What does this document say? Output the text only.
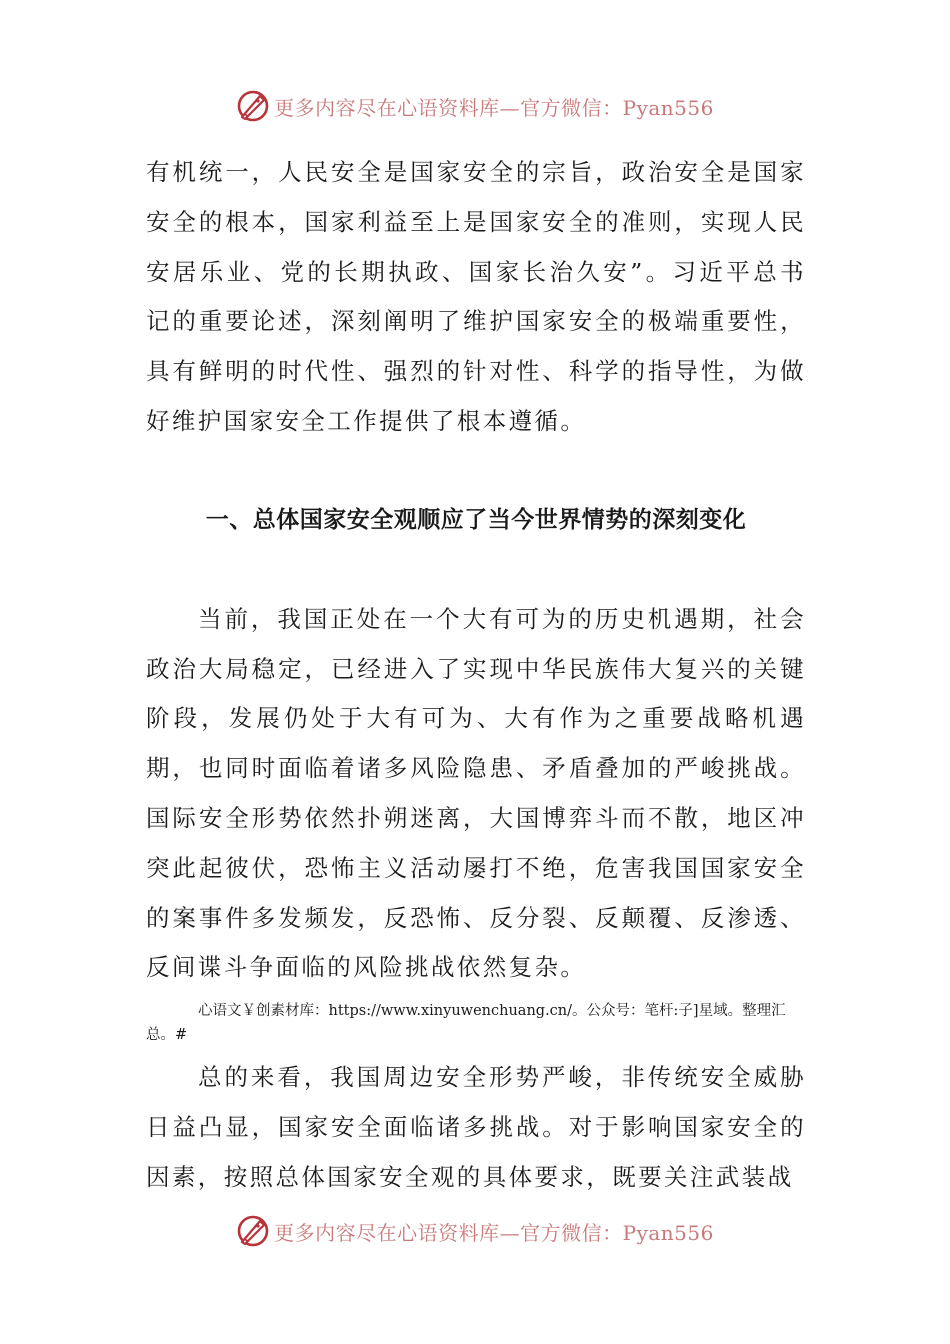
更多内容尽在心语资料库—官方微信：Pyan556

有机统一，人民安全是国家安全的宗旨，政治安全是国家安全的根本，国家利益至上是国家安全的准则，实现人民安居乐业、党的长期执政、国家长治久安”。习近平总书记的重要论述，深刻阐明了维护国家安全的极端重要性，具有鲜明的时代性、强烈的针对性、科学的指导性，为做好维护国家安全工作提供了根本遵循。

一、总体国家安全观顺应了当今世界情势的深刻变化

当前，我国正处在一个大有可为的历史机遇期，社会政治大局稳定，已经进入了实现中华民族伟大复兴的关键阶段，发展仍处于大有可为、大有作为之重要战略机遇期，也同时面临着诸多风险隐患、矛盾叠加的严峻挑战。国际安全形势依然扑朔迷离，大国博弈斗而不散，地区冲突此起彼伏，恐怖主义活动屡打不绝，危害我国国家安全的案事件多发频发，反恐怖、反分裂、反颠覆、反渗透、反间谍斗争面临的风险挑战依然复杂。

心语文￥创素材库：https://www.xinyuwenchuang.cn/。公众号：笔杆:子]星域。整理汇总。#

总的来看，我国周边安全形势严峻，非传统安全威胁日益凸显，国家安全面临诸多挑战。对于影响国家安全的因素，按照总体国家安全观的具体要求，既要关注武装战

更多内容尽在心语资料库—官方微信：Pyan556
